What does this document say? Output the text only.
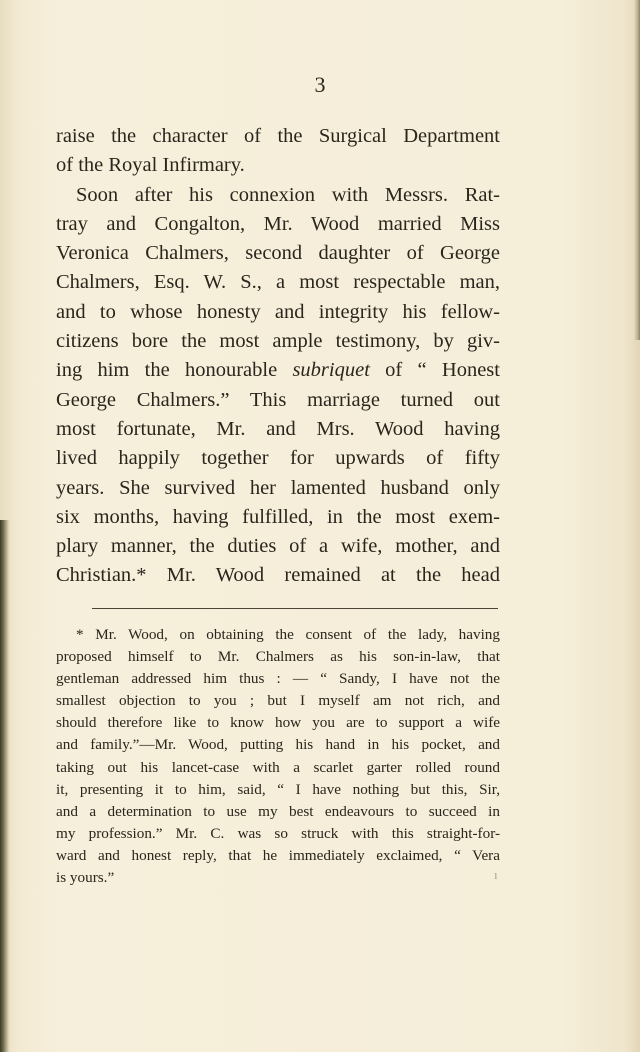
3
raise the character of the Surgical Department
of the Royal Infirmary.
Soon after his connexion with Messrs. Rat-
tray and Congalton, Mr. Wood married Miss
Veronica Chalmers, second daughter of George
Chalmers, Esq. W. S., a most respectable man,
and to whose honesty and integrity his fellow-
citizens bore the most ample testimony, by giv-
ing him the honourable subriquet of “ Honest
George Chalmers.” This marriage turned out
most fortunate, Mr. and Mrs. Wood having
lived happily together for upwards of fifty
years. She survived her lamented husband only
six months, having fulfilled, in the most exem-
plary manner, the duties of a wife, mother, and
Christian.* Mr. Wood remained at the head
* Mr. Wood, on obtaining the consent of the lady, having
proposed himself to Mr. Chalmers as his son-in-law, that
gentleman addressed him thus : — “ Sandy, I have not the
smallest objection to you ; but I myself am not rich, and
should therefore like to know how you are to support a wife
and family.”—Mr. Wood, putting his hand in his pocket, and
taking out his lancet-case with a scarlet garter rolled round
it, presenting it to him, said, “ I have nothing but this, Sir,
and a determination to use my best endeavours to succeed in
my profession.” Mr. C. was so struck with this straight-for-
ward and honest reply, that he immediately exclaimed, “ Vera
is yours.”	ı
